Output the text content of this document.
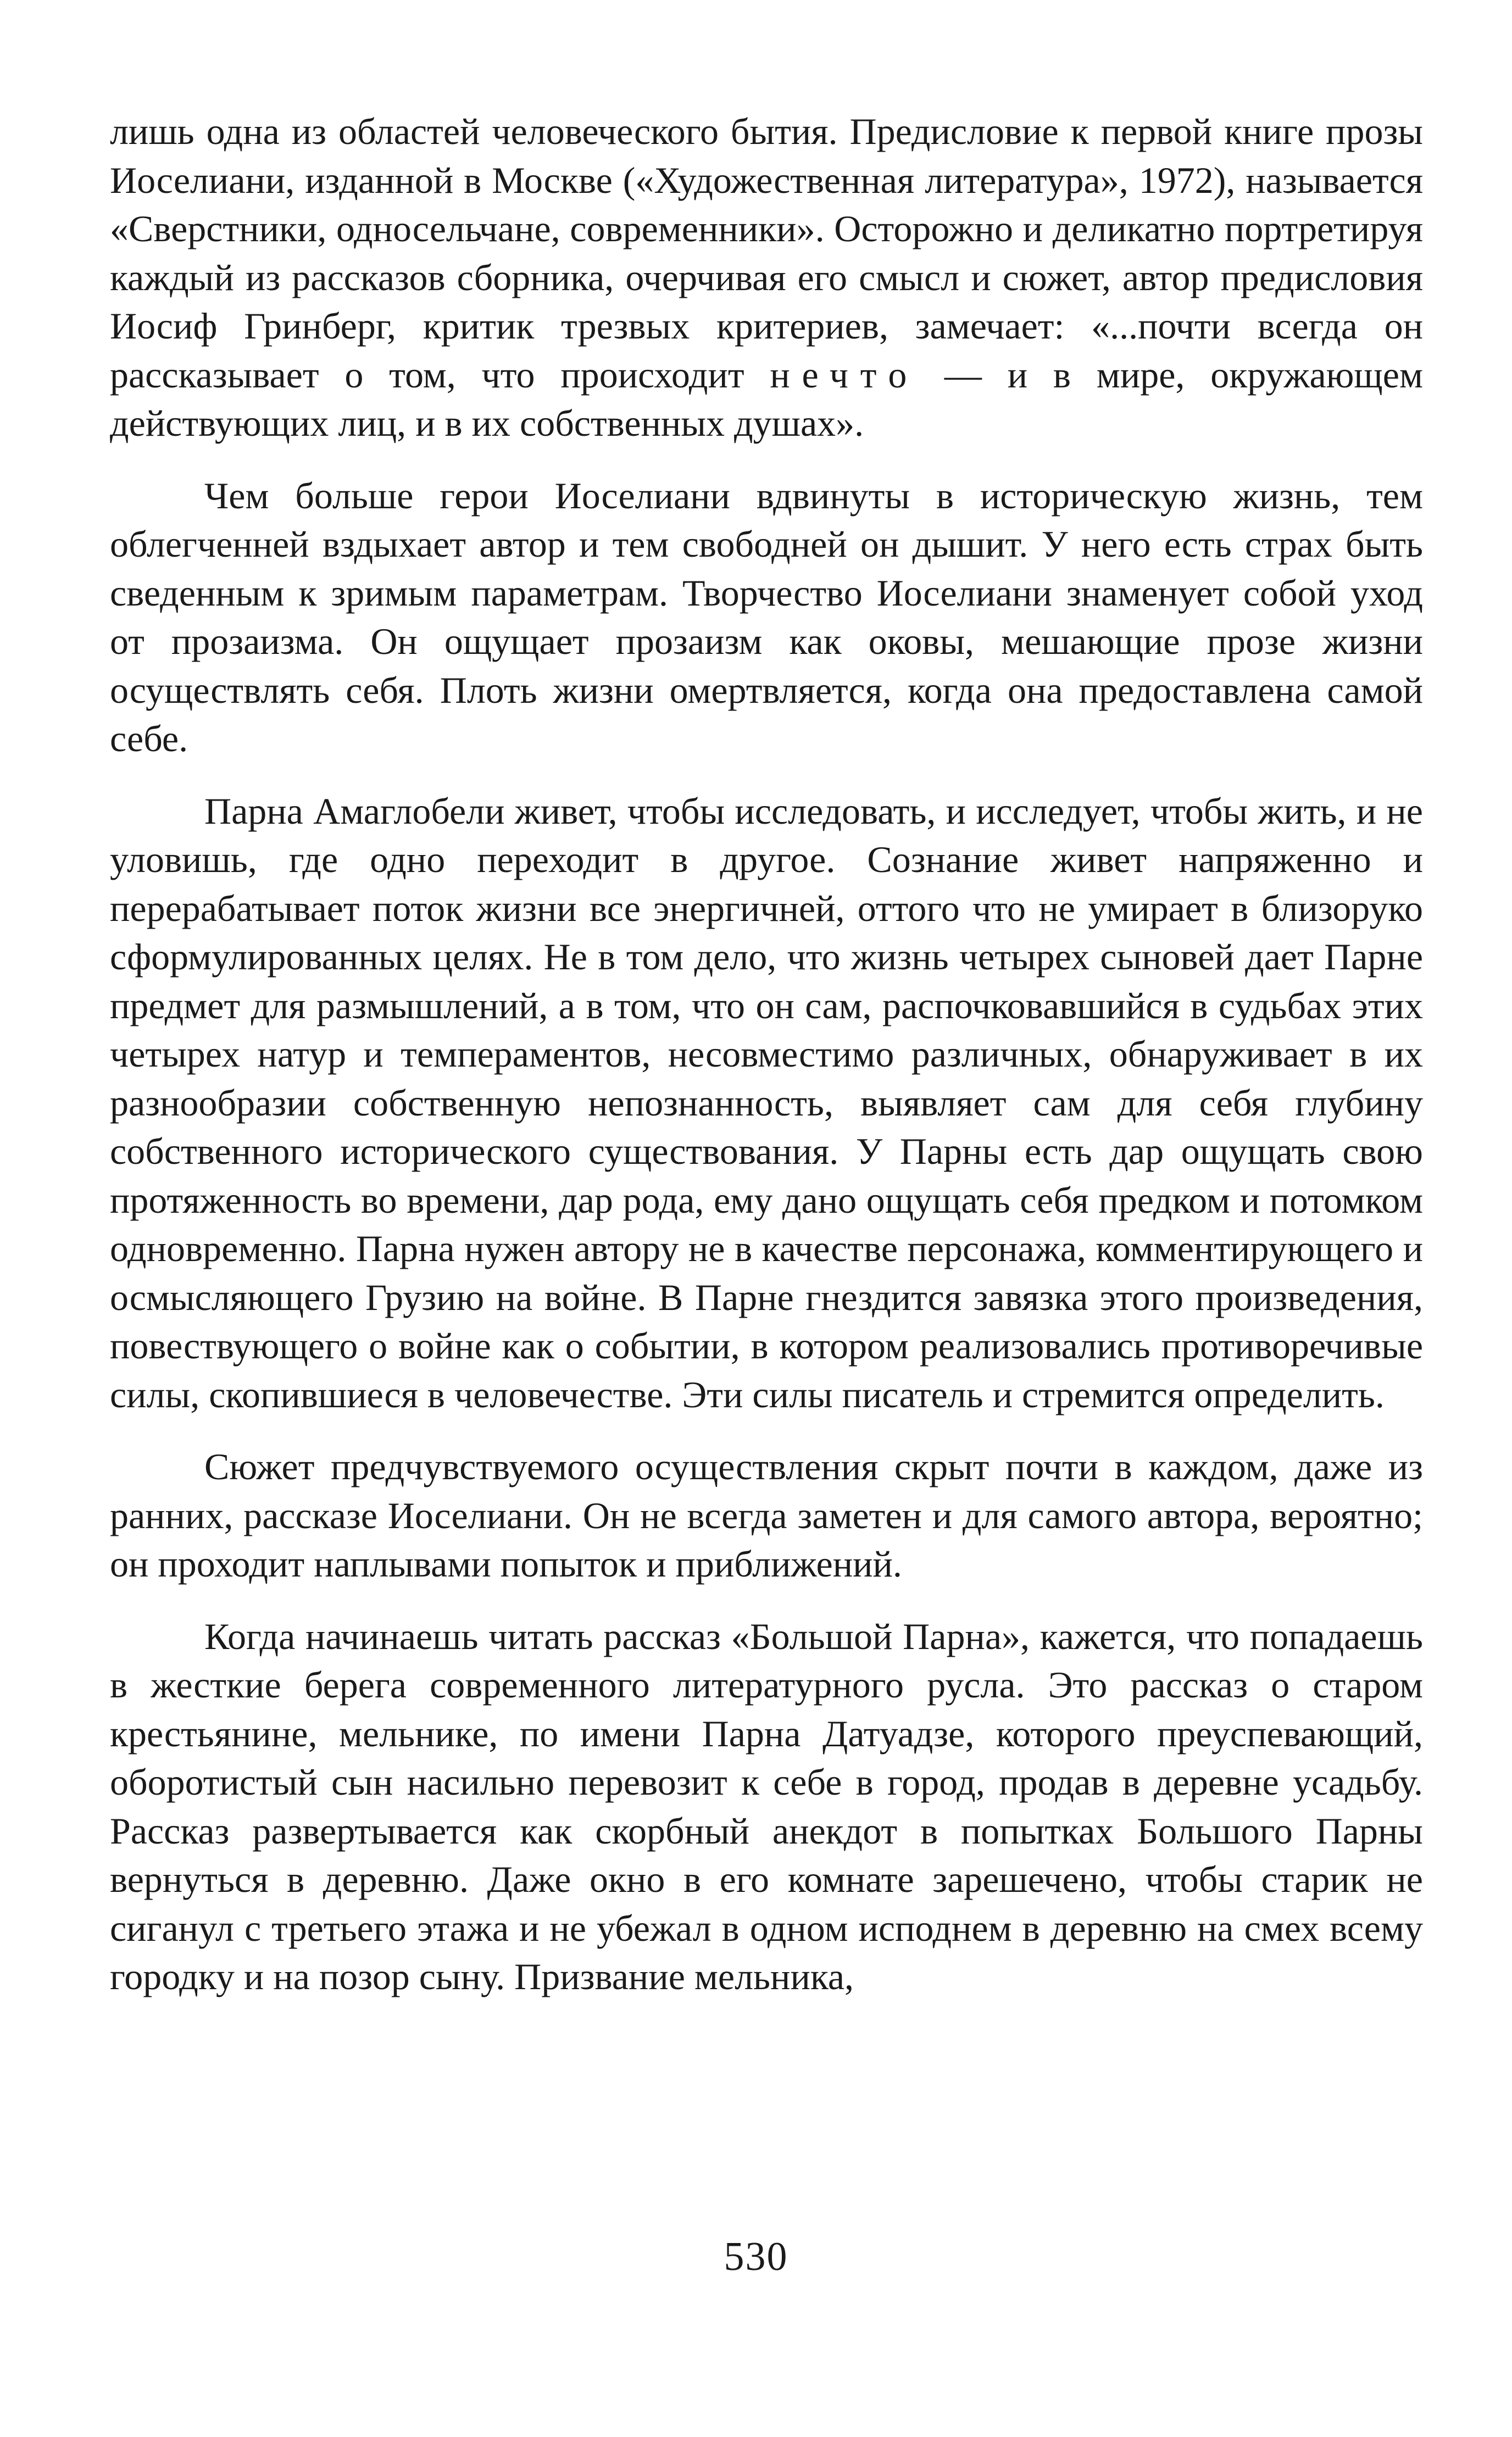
лишь одна из областей человеческого бытия. Предисловие к первой книге прозы Иоселиани, изданной в Москве («Художественная литература», 1972), называется «Сверстники, односельчане, современники». Осторожно и деликатно портретируя каждый из рассказов сборника, очерчивая его смысл и сюжет, автор предисловия Иосиф Гринберг, критик трезвых критериев, замечает: «...почти всегда он рассказывает о том, что происходит нечто — и в мире, окружающем действующих лиц, и в их собственных душах».

Чем больше герои Иоселиани вдвинуты в историческую жизнь, тем облегченней вздыхает автор и тем свободней он дышит. У него есть страх быть сведенным к зримым параметрам. Творчество Иоселиани знаменует собой уход от прозаизма. Он ощущает прозаизм как оковы, мешающие прозе жизни осуществлять себя. Плоть жизни омертвляется, когда она предоставлена самой себе.

Парна Амаглобели живет, чтобы исследовать, и исследует, чтобы жить, и не уловишь, где одно переходит в другое. Сознание живет напряженно и перерабатывает поток жизни все энергичней, оттого что не умирает в близоруко сформулированных целях. Не в том дело, что жизнь четырех сыновей дает Парне предмет для размышлений, а в том, что он сам, распочковавшийся в судьбах этих четырех натур и темпераментов, несовместимо различных, обнаруживает в их разнообразии собственную непознанность, выявляет сам для себя глубину собственного исторического существования. У Парны есть дар ощущать свою протяженность во времени, дар рода, ему дано ощущать себя предком и потомком одновременно. Парна нужен автору не в качестве персонажа, комментирующего и осмысляющего Грузию на войне. В Парне гнездится завязка этого произведения, повествующего о войне как о событии, в котором реализовались противоречивые силы, скопившиеся в человечестве. Эти силы писатель и стремится определить.

Сюжет предчувствуемого осуществления скрыт почти в каждом, даже из ранних, рассказе Иоселиани. Он не всегда заметен и для самого автора, вероятно; он проходит наплывами попыток и приближений.

Когда начинаешь читать рассказ «Большой Парна», кажется, что попадаешь в жесткие берега современного литературного русла. Это рассказ о старом крестьянине, мельнике, по имени Парна Датуадзе, которого преуспевающий, оборотистый сын насильно перевозит к себе в город, продав в деревне усадьбу. Рассказ развертывается как скорбный анекдот в попытках Большого Парны вернуться в деревню. Даже окно в его комнате зарешечено, чтобы старик не сиганул с третьего этажа и не убежал в одном исподнем в деревню на смех всему городку и на позор сыну. Призвание мельника,

530
